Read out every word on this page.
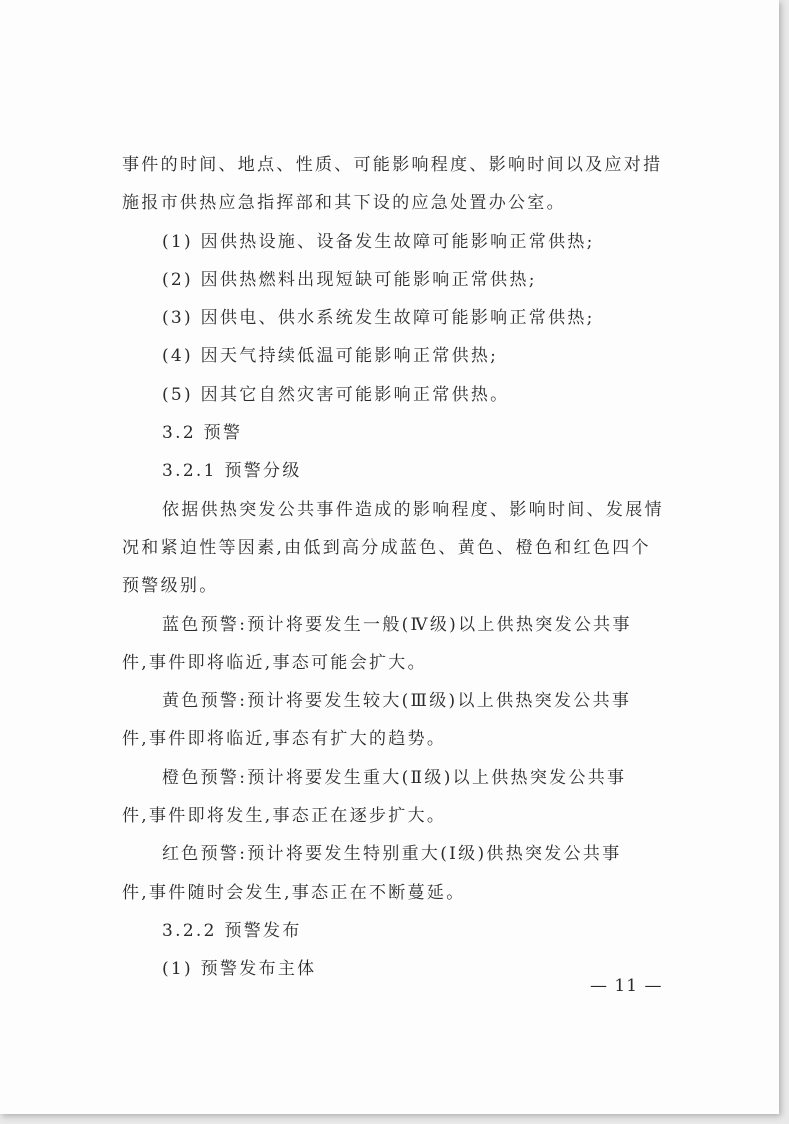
事件的时间、地点、性质、可能影响程度、影响时间以及应对措
施报市供热应急指挥部和其下设的应急处置办公室。
(1) 因供热设施、设备发生故障可能影响正常供热;
(2) 因供热燃料出现短缺可能影响正常供热;
(3) 因供电、供水系统发生故障可能影响正常供热;
(4) 因天气持续低温可能影响正常供热;
(5) 因其它自然灾害可能影响正常供热。
3.2 预警
3.2.1 预警分级
依据供热突发公共事件造成的影响程度、影响时间、发展情
况和紧迫性等因素,由低到高分成蓝色、黄色、橙色和红色四个
预警级别。
蓝色预警:预计将要发生一般(Ⅳ级)以上供热突发公共事
件,事件即将临近,事态可能会扩大。
黄色预警:预计将要发生较大(Ⅲ级)以上供热突发公共事
件,事件即将临近,事态有扩大的趋势。
橙色预警:预计将要发生重大(Ⅱ级)以上供热突发公共事
件,事件即将发生,事态正在逐步扩大。
红色预警:预计将要发生特别重大(Ⅰ级)供热突发公共事
件,事件随时会发生,事态正在不断蔓延。
3.2.2 预警发布
(1) 预警发布主体
— 11 —
